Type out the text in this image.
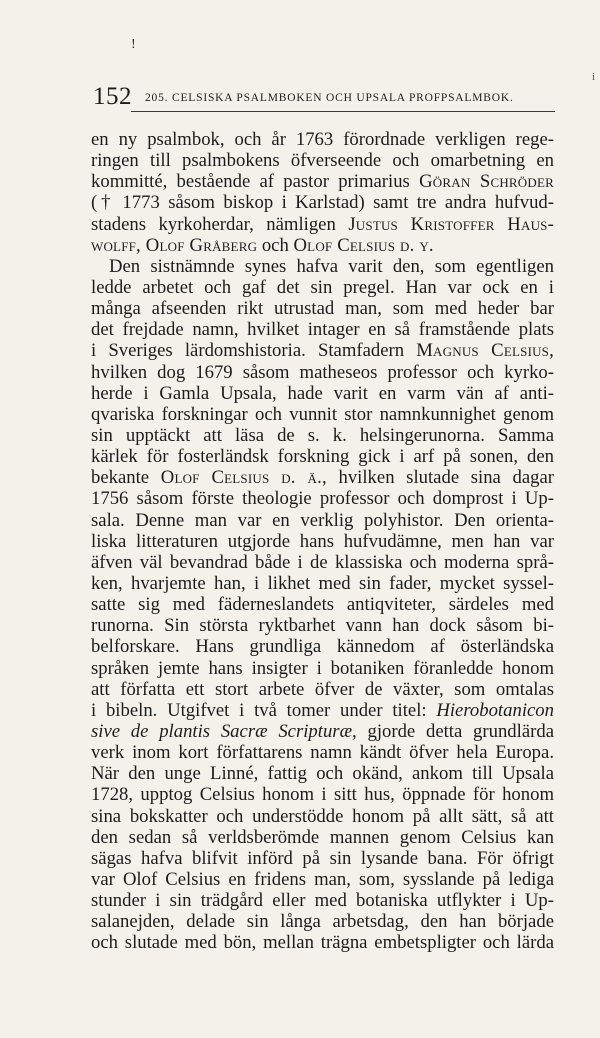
!
i
152 205. CELSISKA PSALMBOKEN OCH UPSALA PROFPSALMBOK.
en ny psalmbok, och år 1763 förordnade verkligen rege-
ringen till psalmbokens öfverseende och omarbetning en
kommitté, bestående af pastor primarius Göran Schröder
(† 1773 såsom biskop i Karlstad) samt tre andra hufvud-
stadens kyrkoherdar, nämligen Justus Kristoffer Haus-
wolff, Olof Gråberg och Olof Celsius d. y.
Den sistnämnde synes hafva varit den, som egentligen
ledde arbetet och gaf det sin pregel. Han var ock en i
många afseenden rikt utrustad man, som med heder bar
det frejdade namn, hvilket intager en så framstående plats
i Sveriges lärdomshistoria. Stamfadern Magnus Celsius,
hvilken dog 1679 såsom matheseos professor och kyrko-
herde i Gamla Upsala, hade varit en varm vän af anti-
qvariska forskningar och vunnit stor namnkunnighet genom
sin upptäckt att läsa de s. k. helsingerunorna. Samma
kärlek för fosterländsk forskning gick i arf på sonen, den
bekante Olof Celsius d. ä., hvilken slutade sina dagar
1756 såsom förste theologie professor och domprost i Up-
sala. Denne man var en verklig polyhistor. Den orienta-
liska litteraturen utgjorde hans hufvudämne, men han var
äfven väl bevandrad både i de klassiska och moderna språ-
ken, hvarjemte han, i likhet med sin fader, mycket syssel-
satte sig med fäderneslandets antiqviteter, särdeles med
runorna. Sin största ryktbarhet vann han dock såsom bi-
belforskare. Hans grundliga kännedom af österländska
språken jemte hans insigter i botaniken föranledde honom
att författa ett stort arbete öfver de växter, som omtalas
i bibeln. Utgifvet i två tomer under titel: Hierobotanicon
sive de plantis Sacræ Scripturæ, gjorde detta grundlärda
verk inom kort författarens namn kändt öfver hela Europa.
När den unge Linné, fattig och okänd, ankom till Upsala
1728, upptog Celsius honom i sitt hus, öppnade för honom
sina bokskatter och understödde honom på allt sätt, så att
den sedan så verldsberömde mannen genom Celsius kan
sägas hafva blifvit införd på sin lysande bana. För öfrigt
var Olof Celsius en fridens man, som, sysslande på lediga
stunder i sin trädgård eller med botaniska utflykter i Up-
salanejden, delade sin långa arbetsdag, den han började
och slutade med bön, mellan trägna embetspligter och lärda
